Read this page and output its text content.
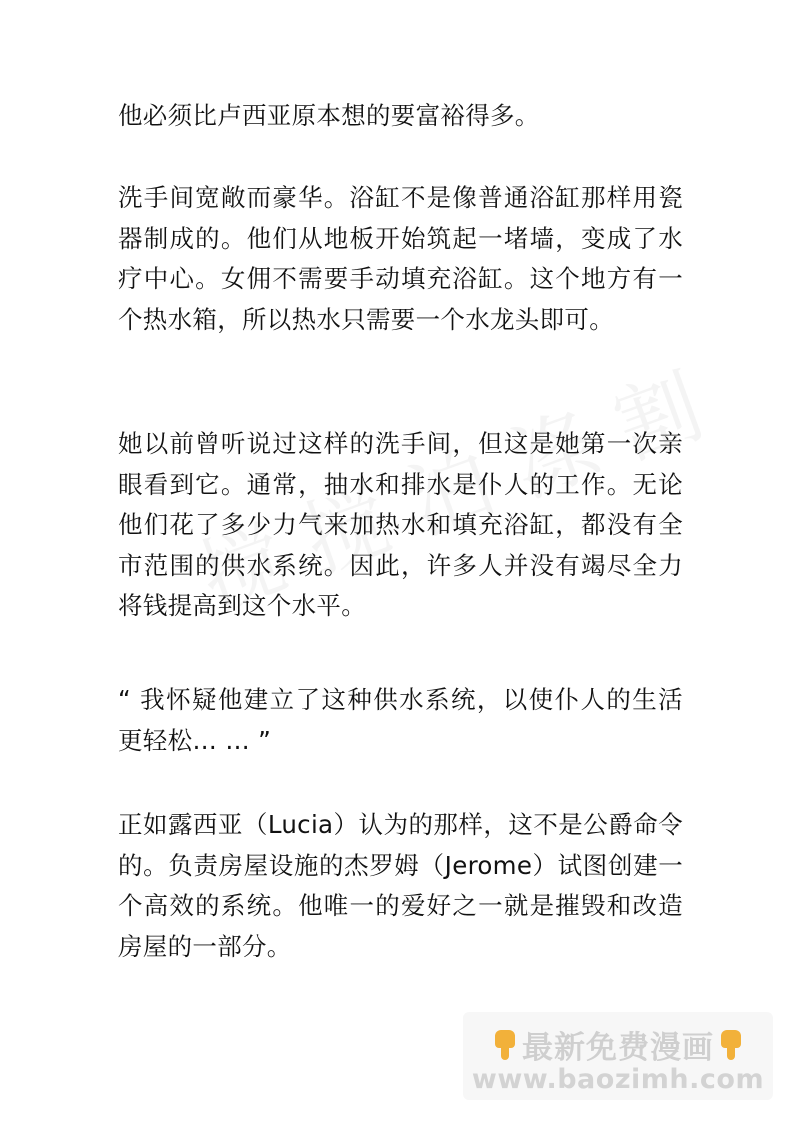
他必须比卢西亚原本想的要富裕得多。

洗手间宽敞而豪华。浴缸不是像普通浴缸那样用瓷器制成的。他们从地板开始筑起一堵墙，变成了水疗中心。女佣不需要手动填充浴缸。这个地方有一个热水箱，所以热水只需要一个水龙头即可。

她以前曾听说过这样的洗手间，但这是她第一次亲眼看到它。通常，抽水和排水是仆人的工作。无论他们花了多少力气来加热水和填充浴缸，都没有全市范围的供水系统。因此，许多人并没有竭尽全力将钱提高到这个水平。

“ 我怀疑他建立了这种供水系统，以使仆人的生活更轻松… … ”

正如露西亚（Lucia）认为的那样，这不是公爵命令的。负责房屋设施的杰罗姆（Jerome）试图创建一个高效的系统。他唯一的爱好之一就是摧毁和改造房屋的一部分。

最新免费漫画
www.baozimh.com
